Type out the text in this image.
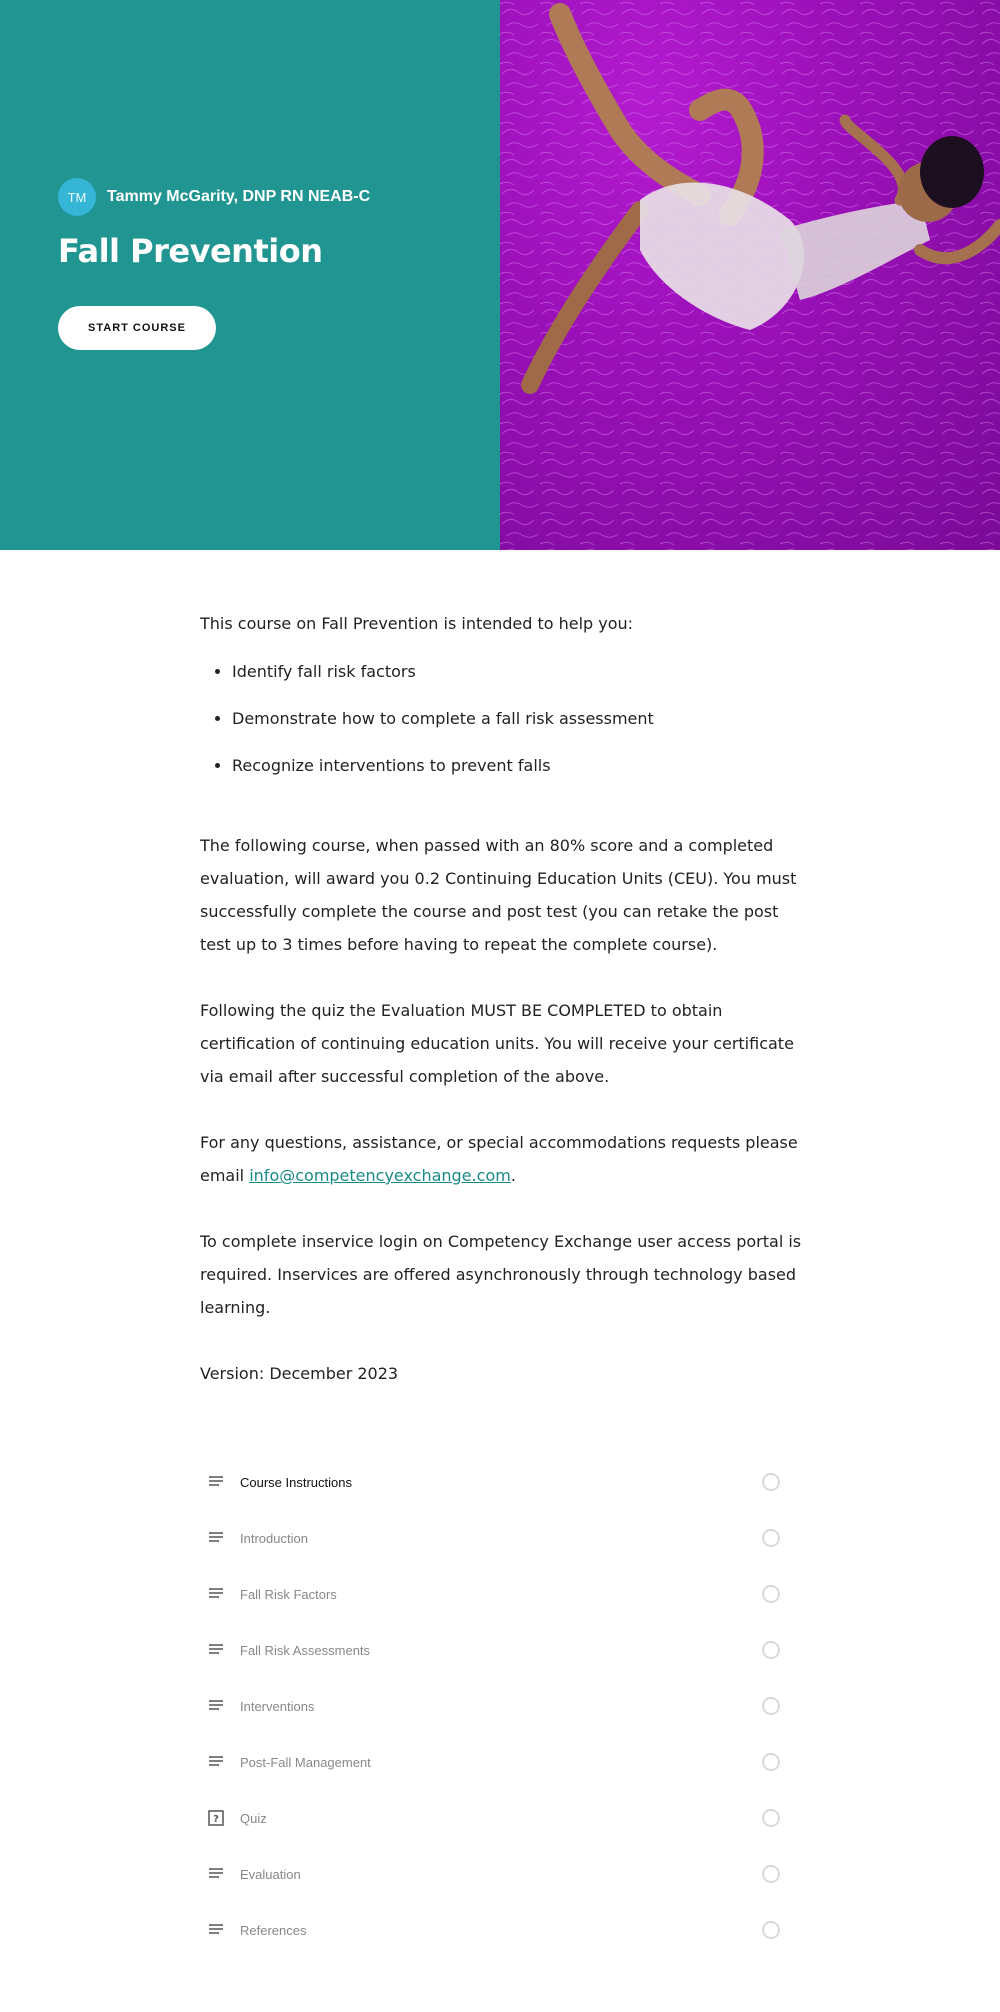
TM	Tammy McGarity, DNP RN NEAB-C
Fall Prevention
START COURSE

This course on Fall Prevention is intended to help you:

• Identify fall risk factors
• Demonstrate how to complete a fall risk assessment
• Recognize interventions to prevent falls

The following course, when passed with an 80% score and a completed evaluation, will award you 0.2 Continuing Education Units (CEU). You must successfully complete the course and post test (you can retake the post test up to 3 times before having to repeat the complete course).

Following the quiz the Evaluation MUST BE COMPLETED to obtain certification of continuing education units. You will receive your certificate via email after successful completion of the above.

For any questions, assistance, or special accommodations requests please email info@competencyexchange.com.

To complete inservice login on Competency Exchange user access portal is required. Inservices are offered asynchronously through technology based learning.

Version: December 2023

Course Instructions
Introduction
Fall Risk Factors
Fall Risk Assessments
Interventions
Post-Fall Management
? Quiz
Evaluation
References
